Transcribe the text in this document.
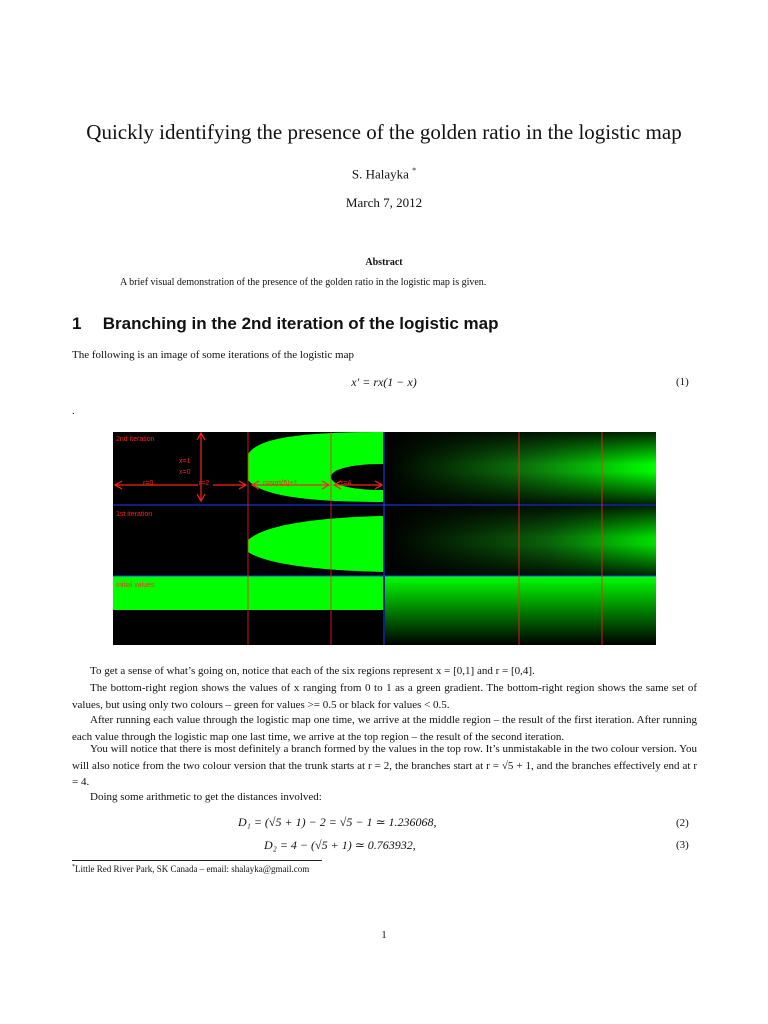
Quickly identifying the presence of the golden ratio in the logistic map
S. Halayka *
March 7, 2012
Abstract
A brief visual demonstration of the presence of the golden ratio in the logistic map is given.
1 Branching in the 2nd iteration of the logistic map
The following is an image of some iterations of the logistic map
x′ = rx(1 − x)	(1)
.
2nd iteration
1st iteration
Initial values
x=1
x=0
r=0	r=2	r=sqrt(5)+1	r=4
To get a sense of what’s going on, notice that each of the six regions represent x = [0,1] and r = [0,4].
The bottom-right region shows the values of x ranging from 0 to 1 as a green gradient. The bottom-right region shows the same set of values, but using only two colours – green for values >= 0.5 or black for values < 0.5.
After running each value through the logistic map one time, we arrive at the middle region – the result of the first iteration. After running each value through the logistic map one last time, we arrive at the top region – the result of the second iteration.
You will notice that there is most definitely a branch formed by the values in the top row. It’s unmistakable in the two colour version. You will also notice from the two colour version that the trunk starts at r = 2, the branches start at r = √5 + 1, and the branches effectively end at r = 4.
Doing some arithmetic to get the distances involved:
D₁ = (√5 + 1) − 2 = √5 − 1 ≃ 1.236068,	(2)
D₂ = 4 − (√5 + 1) ≃ 0.763932,	(3)
*Little Red River Park, SK Canada – email: shalayka@gmail.com
1
